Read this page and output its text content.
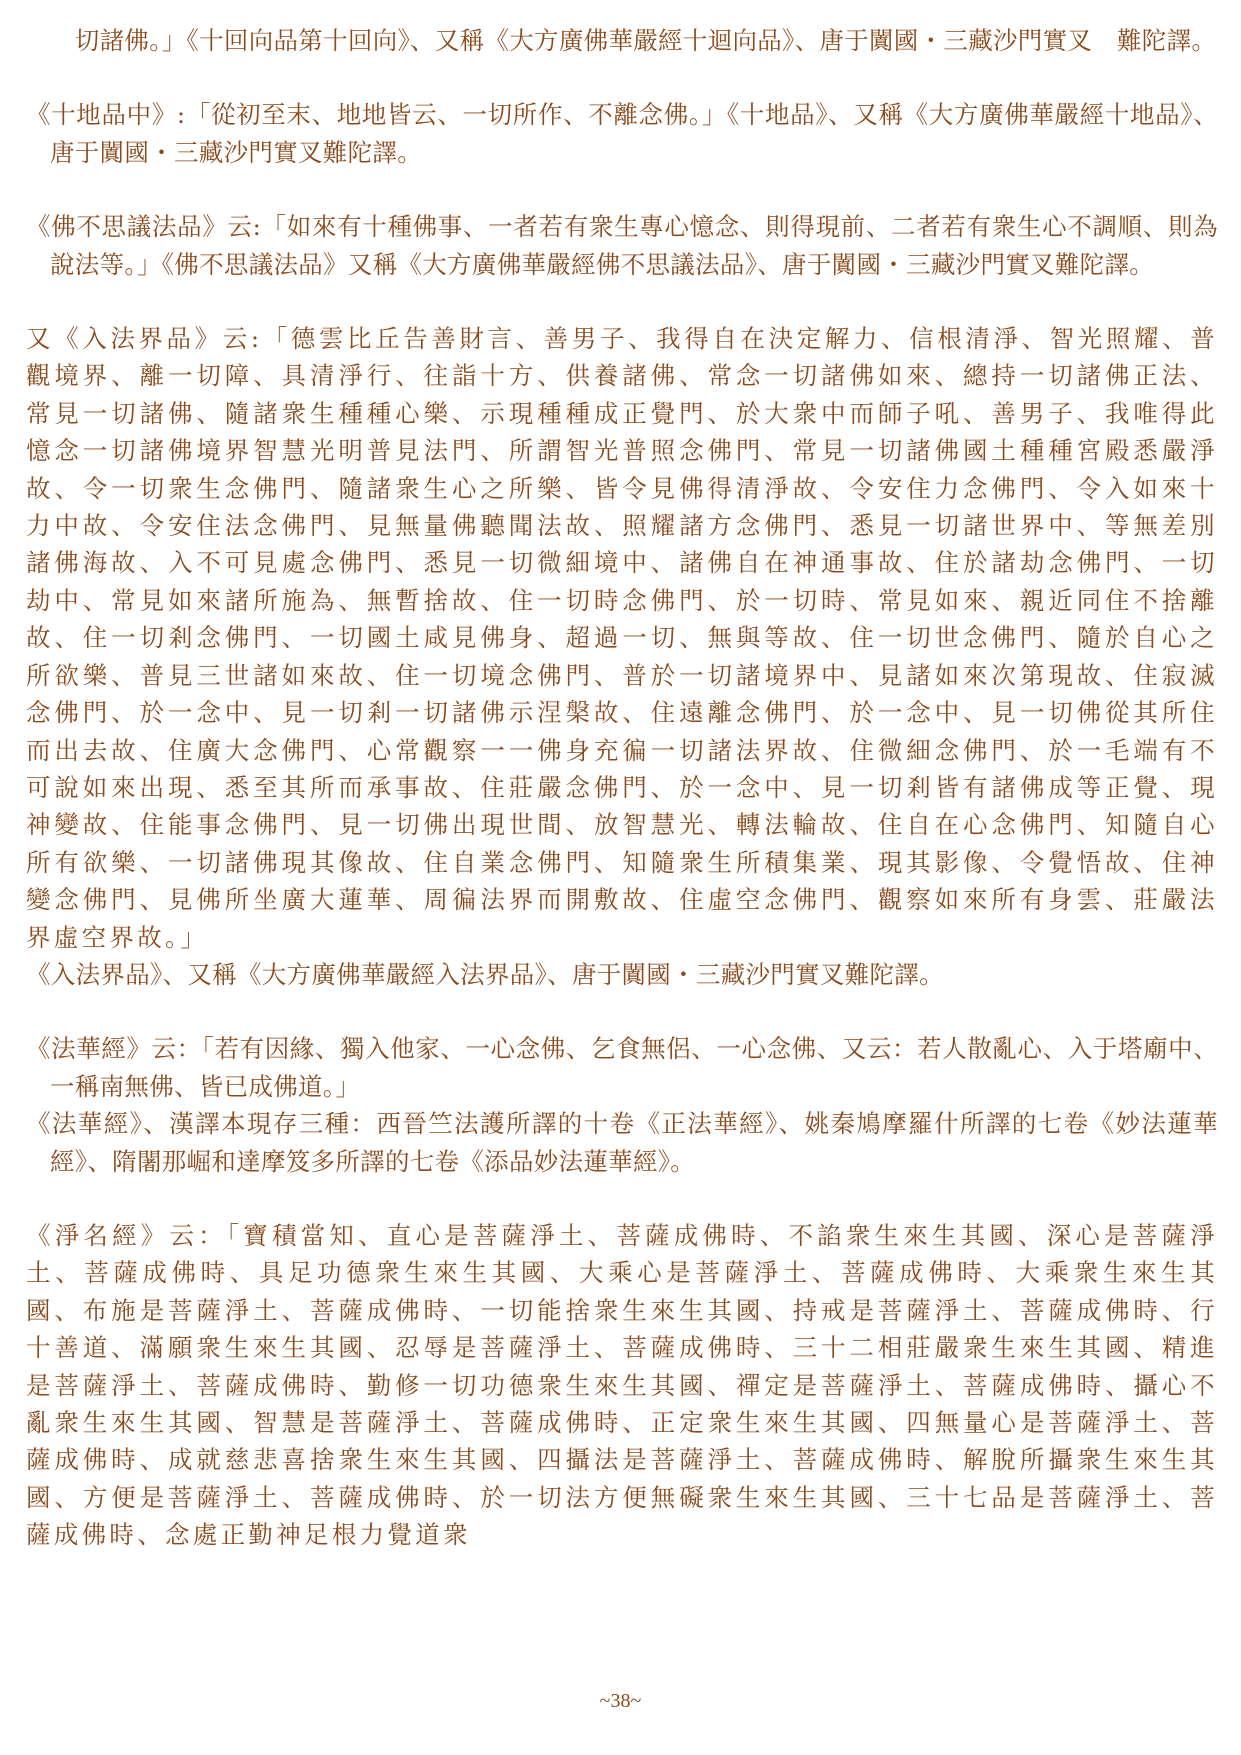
　切諸佛。」《十回向品第十回向》、又稱《大方廣佛華嚴經十迴向品》、唐于闐國・三藏沙門實叉　難陀譯。

《十地品中》:「從初至末、地地皆云、一切所作、不離念佛。」《十地品》、又稱《大方廣佛華嚴經十地品》、唐于闐國・三藏沙門實叉難陀譯。

《佛不思議法品》云:「如來有十種佛事、一者若有衆生專心憶念、則得現前、二者若有衆生心不調順、則為說法等。」《佛不思議法品》又稱《大方廣佛華嚴經佛不思議法品》、唐于闐國・三藏沙門實叉難陀譯。

又《入法界品》云:「德雲比丘告善財言、善男子、我得自在決定解力、信根清淨、智光照耀、普觀境界、離一切障、具清淨行、往詣十方、供養諸佛、常念一切諸佛如來、總持一切諸佛正法、常見一切諸佛、隨諸衆生種種心樂、示現種種成正覺門、於大衆中而師子吼、善男子、我唯得此憶念一切諸佛境界智慧光明普見法門、所謂智光普照念佛門、常見一切諸佛國土種種宮殿悉嚴淨故、令一切衆生念佛門、隨諸衆生心之所樂、皆令見佛得清淨故、令安住力念佛門、令入如來十力中故、令安住法念佛門、見無量佛聽聞法故、照耀諸方念佛門、悉見一切諸世界中、等無差別諸佛海故、入不可見處念佛門、悉見一切微細境中、諸佛自在神通事故、住於諸劫念佛門、一切劫中、常見如來諸所施為、無暫捨故、住一切時念佛門、於一切時、常見如來、親近同住不捨離故、住一切剎念佛門、一切國土咸見佛身、超過一切、無與等故、住一切世念佛門、隨於自心之所欲樂、普見三世諸如來故、住一切境念佛門、普於一切諸境界中、見諸如來次第現故、住寂滅念佛門、於一念中、見一切剎一切諸佛示涅槃故、住遠離念佛門、於一念中、見一切佛從其所住而出去故、住廣大念佛門、心常觀察一一佛身充徧一切諸法界故、住微細念佛門、於一毛端有不可說如來出現、悉至其所而承事故、住莊嚴念佛門、於一念中、見一切剎皆有諸佛成等正覺、現神變故、住能事念佛門、見一切佛出現世間、放智慧光、轉法輪故、住自在心念佛門、知隨自心所有欲樂、一切諸佛現其像故、住自業念佛門、知隨衆生所積集業、現其影像、令覺悟故、住神變念佛門、見佛所坐廣大蓮華、周徧法界而開敷故、住虛空念佛門、觀察如來所有身雲、莊嚴法界虛空界故。」

《入法界品》、又稱《大方廣佛華嚴經入法界品》、唐于闐國・三藏沙門實叉難陀譯。

《法華經》云：「若有因緣、獨入他家、一心念佛、乞食無侶、一心念佛、又云：若人散亂心、入于塔廟中、一稱南無佛、皆已成佛道。」

《法華經》、漢譯本現存三種：西晉竺法護所譯的十卷《正法華經》、姚秦鳩摩羅什所譯的七卷《妙法蓮華經》、隋闍那崛和達摩笈多所譯的七卷《添品妙法蓮華經》。

《淨名經》云：「寶積當知、直心是菩薩淨土、菩薩成佛時、不諂衆生來生其國、深心是菩薩淨土、菩薩成佛時、具足功德衆生來生其國、大乘心是菩薩淨土、菩薩成佛時、大乘衆生來生其國、布施是菩薩淨土、菩薩成佛時、一切能捨衆生來生其國、持戒是菩薩淨土、菩薩成佛時、行十善道、滿願衆生來生其國、忍辱是菩薩淨土、菩薩成佛時、三十二相莊嚴衆生來生其國、精進是菩薩淨土、菩薩成佛時、勤修一切功德衆生來生其國、禪定是菩薩淨土、菩薩成佛時、攝心不亂衆生來生其國、智慧是菩薩淨土、菩薩成佛時、正定衆生來生其國、四無量心是菩薩淨土、菩薩成佛時、成就慈悲喜捨衆生來生其國、四攝法是菩薩淨土、菩薩成佛時、解脫所攝衆生來生其國、方便是菩薩淨土、菩薩成佛時、於一切法方便無礙衆生來生其國、三十七品是菩薩淨土、菩薩成佛時、念處正勤神足根力覺道衆

~38~
